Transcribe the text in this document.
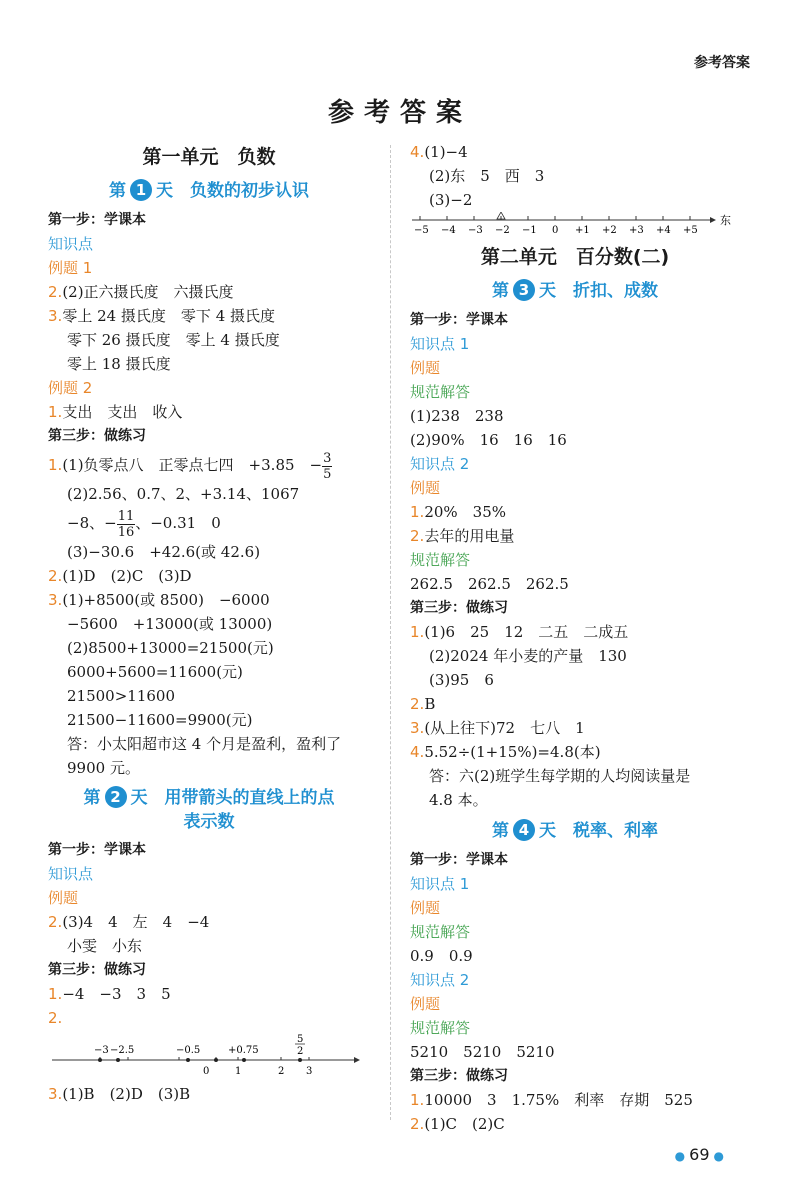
参考答案
参考答案
第一单元　负数
第 1 天　负数的初步认识
第一步：学课本
知识点
例题 1
2.(2)正六摄氏度　六摄氏度
3.零上 24 摄氏度　零下 4 摄氏度
零下 26 摄氏度　零上 4 摄氏度
零上 18 摄氏度
例题 2
1.支出　支出　收入
第三步：做练习
1.(1)负零点八　正零点七四　+3.85　− $\frac{3}{5}$
(2)2.56、0.7、2、+3.14、1067
−8、− $\frac{11}{16}$ 、−0.31　0
(3)−30.6　+42.6(或 42.6)
2.(1)D　(2)C　(3)D
3.(1)+8500(或 8500)　−6000
−5600　+13000(或 13000)
(2)8500+13000=21500(元)
6000+5600=11600(元)
21500>11600
21500−11600=9900(元)
答：小太阳超市这 4 个月是盈利，盈利了
9900 元。
第 2 天　用带箭头的直线上的点
表示数
第一步：学课本
知识点
例题
2.(3)4　4　左　4　−4
小雯　小东
第三步：做练习
1.−4　−3　3　5
2.
−3 −2.5	−0.5	+0.75
5
2
0	1	2 3
3.(1)B　(2)D　(3)B
4.(1)−4
(2)东　5　西　3
(3)−2
−5 −4 −3 −2 −1 0 +1 +2 +3 +4 +5
东
第二单元　百分数(二)
第 3 天　折扣、成数
第一步：学课本
知识点 1
例题
规范解答
(1)238　238
(2)90%　16　16　16
知识点 2
例题
1.20%　35%
2.去年的用电量
规范解答
262.5　262.5　262.5
第三步：做练习
1.(1)6　25　12　二五　二成五
(2)2024 年小麦的产量　130
(3)95　6
2.B
3.(从上往下)72　七八　1
4.5.52÷(1+15%)=4.8(本)
答：六(2)班学生每学期的人均阅读量是
4.8 本。
第 4 天　税率、利率
第一步：学课本
知识点 1
例题
规范解答
0.9　0.9
知识点 2
例题
规范解答
5210　5210　5210
第三步：做练习
1.10000　3　1.75%　利率　存期　525
2.(1)C　(2)C
● 69 ●
